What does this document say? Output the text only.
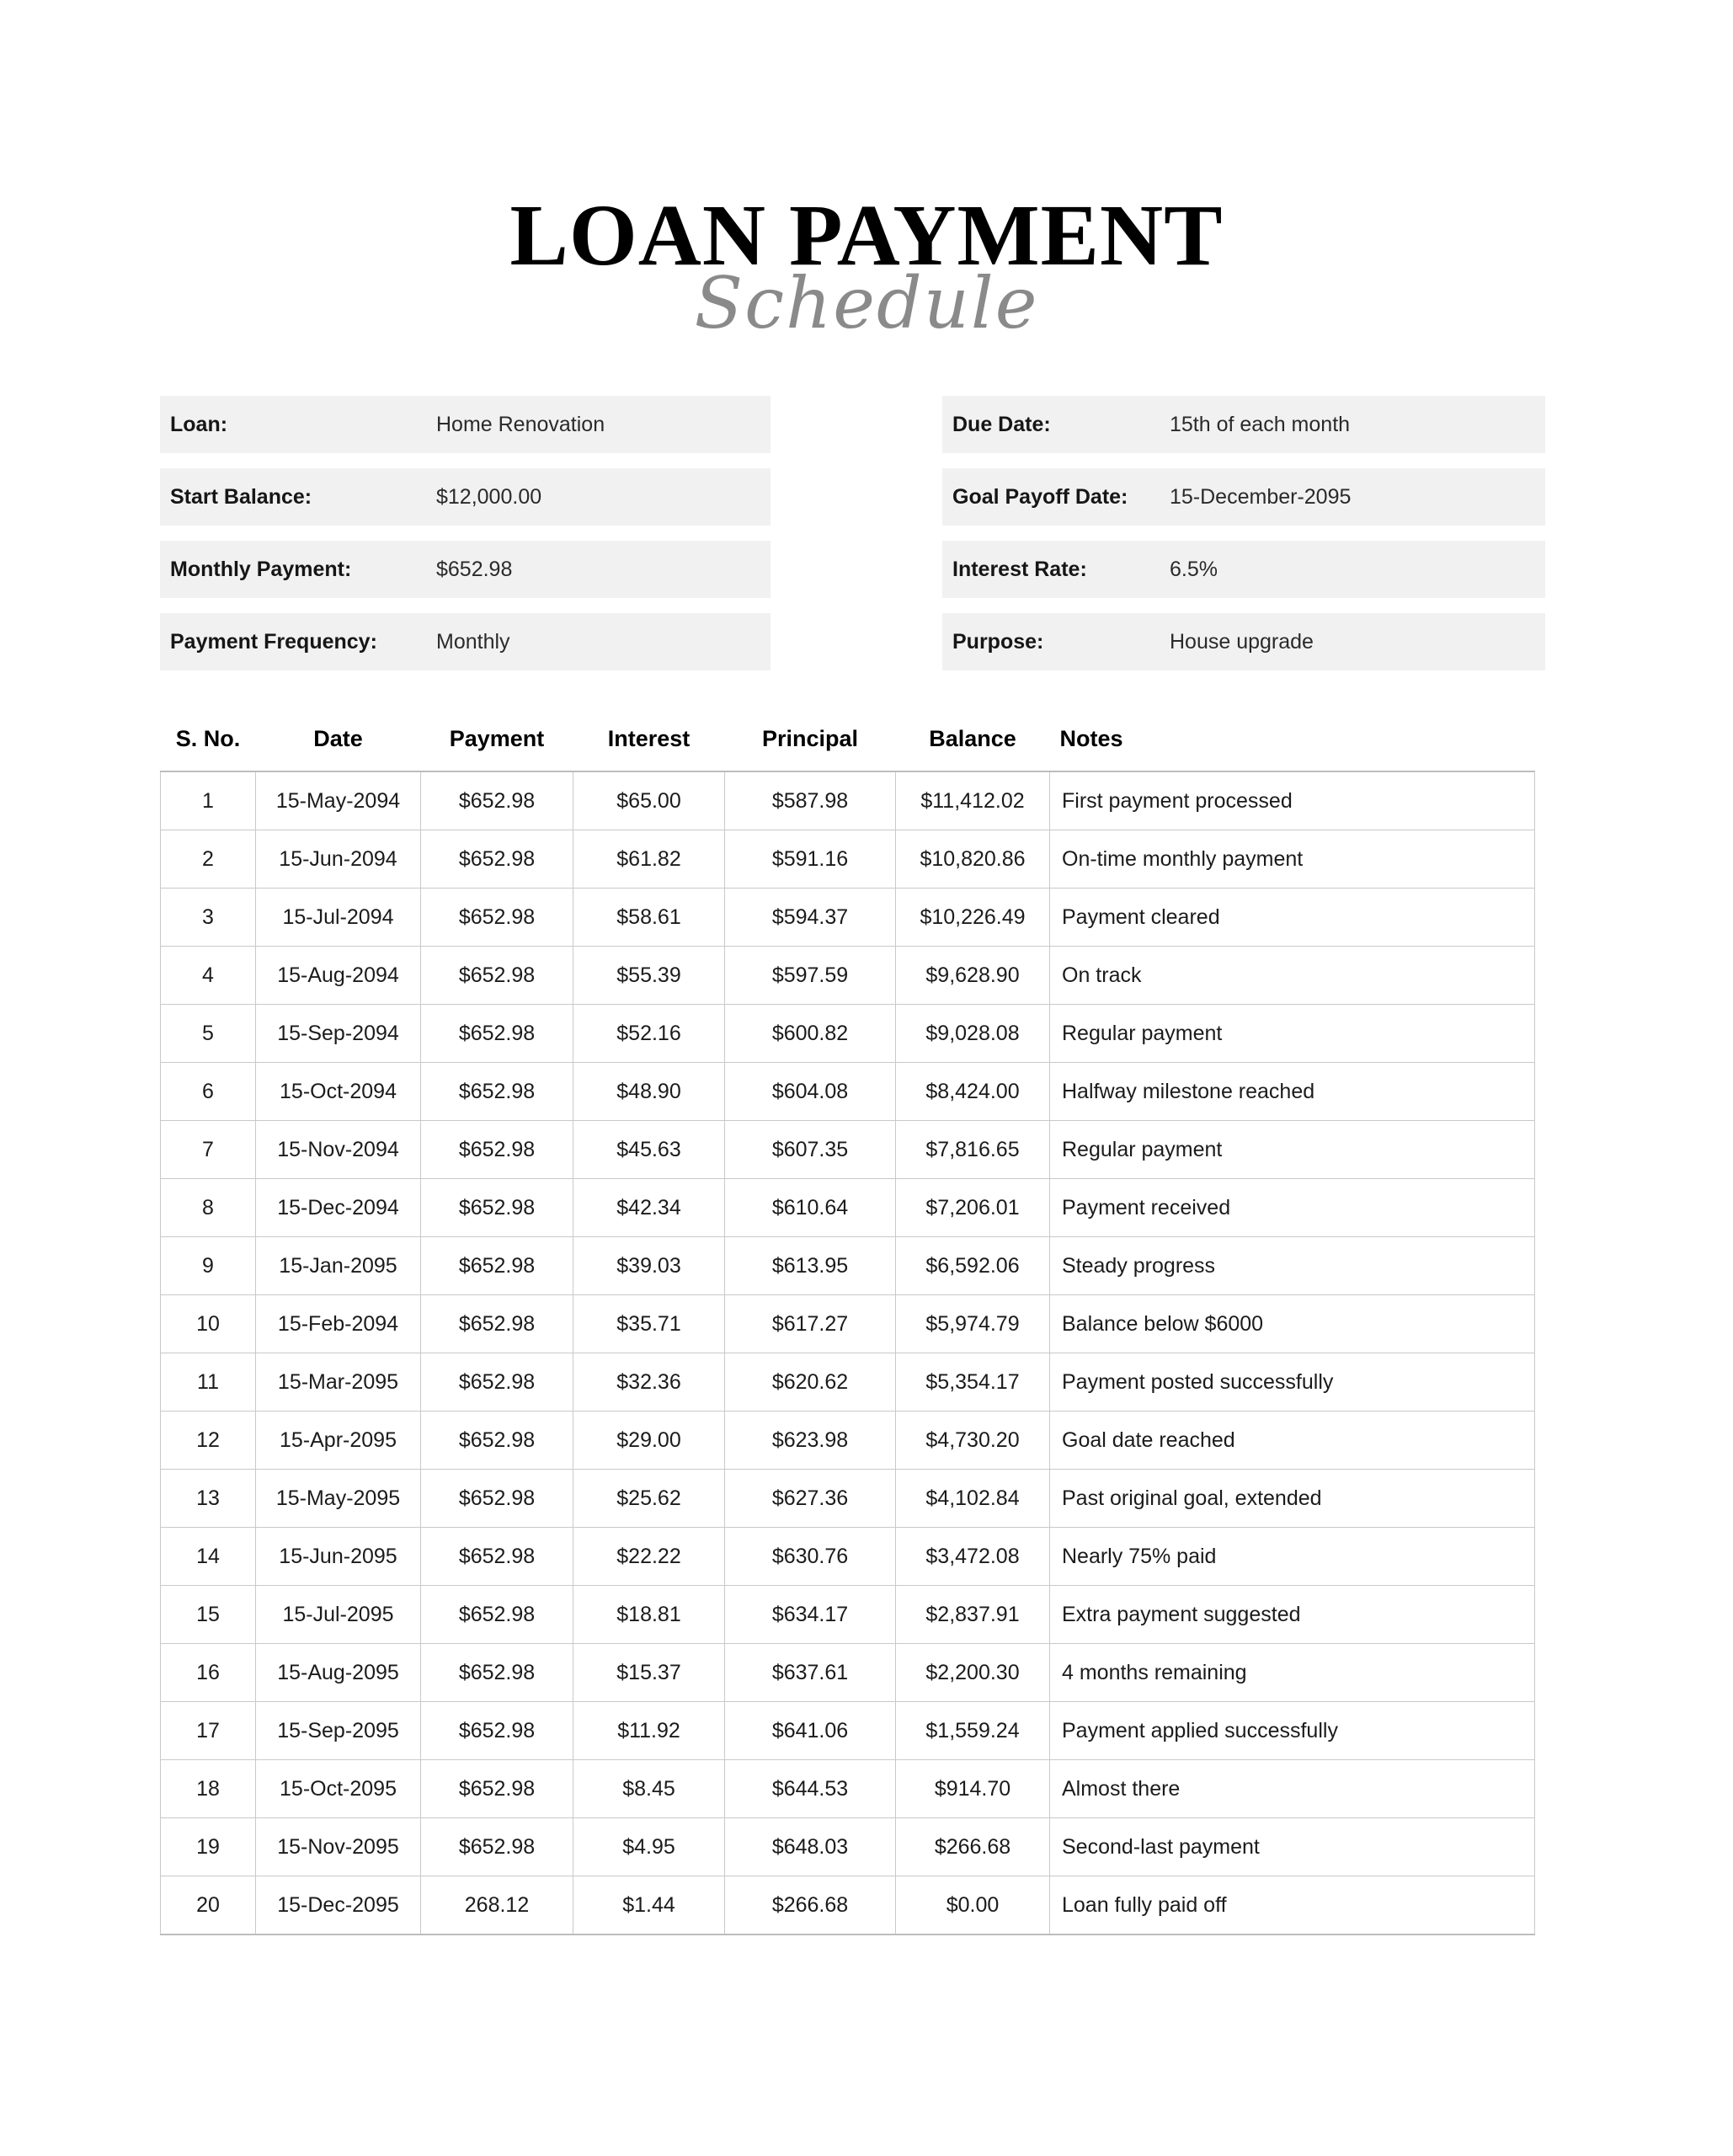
LOAN PAYMENT
Schedule
Loan:	Home Renovation
Start Balance:	$12,000.00
Monthly Payment:	$652.98
Payment Frequency:	Monthly
Due Date:	15th of each month
Goal Payoff Date:	15-December-2095
Interest Rate:	6.5%
Purpose:	House upgrade
S. No.	Date	Payment	Interest	Principal	Balance	Notes
1	15-May-2094	$652.98	$65.00	$587.98	$11,412.02	First payment processed
2	15-Jun-2094	$652.98	$61.82	$591.16	$10,820.86	On-time monthly payment
3	15-Jul-2094	$652.98	$58.61	$594.37	$10,226.49	Payment cleared
4	15-Aug-2094	$652.98	$55.39	$597.59	$9,628.90	On track
5	15-Sep-2094	$652.98	$52.16	$600.82	$9,028.08	Regular payment
6	15-Oct-2094	$652.98	$48.90	$604.08	$8,424.00	Halfway milestone reached
7	15-Nov-2094	$652.98	$45.63	$607.35	$7,816.65	Regular payment
8	15-Dec-2094	$652.98	$42.34	$610.64	$7,206.01	Payment received
9	15-Jan-2095	$652.98	$39.03	$613.95	$6,592.06	Steady progress
10	15-Feb-2094	$652.98	$35.71	$617.27	$5,974.79	Balance below $6000
11	15-Mar-2095	$652.98	$32.36	$620.62	$5,354.17	Payment posted successfully
12	15-Apr-2095	$652.98	$29.00	$623.98	$4,730.20	Goal date reached
13	15-May-2095	$652.98	$25.62	$627.36	$4,102.84	Past original goal, extended
14	15-Jun-2095	$652.98	$22.22	$630.76	$3,472.08	Nearly 75% paid
15	15-Jul-2095	$652.98	$18.81	$634.17	$2,837.91	Extra payment suggested
16	15-Aug-2095	$652.98	$15.37	$637.61	$2,200.30	4 months remaining
17	15-Sep-2095	$652.98	$11.92	$641.06	$1,559.24	Payment applied successfully
18	15-Oct-2095	$652.98	$8.45	$644.53	$914.70	Almost there
19	15-Nov-2095	$652.98	$4.95	$648.03	$266.68	Second-last payment
20	15-Dec-2095	268.12	$1.44	$266.68	$0.00	Loan fully paid off
